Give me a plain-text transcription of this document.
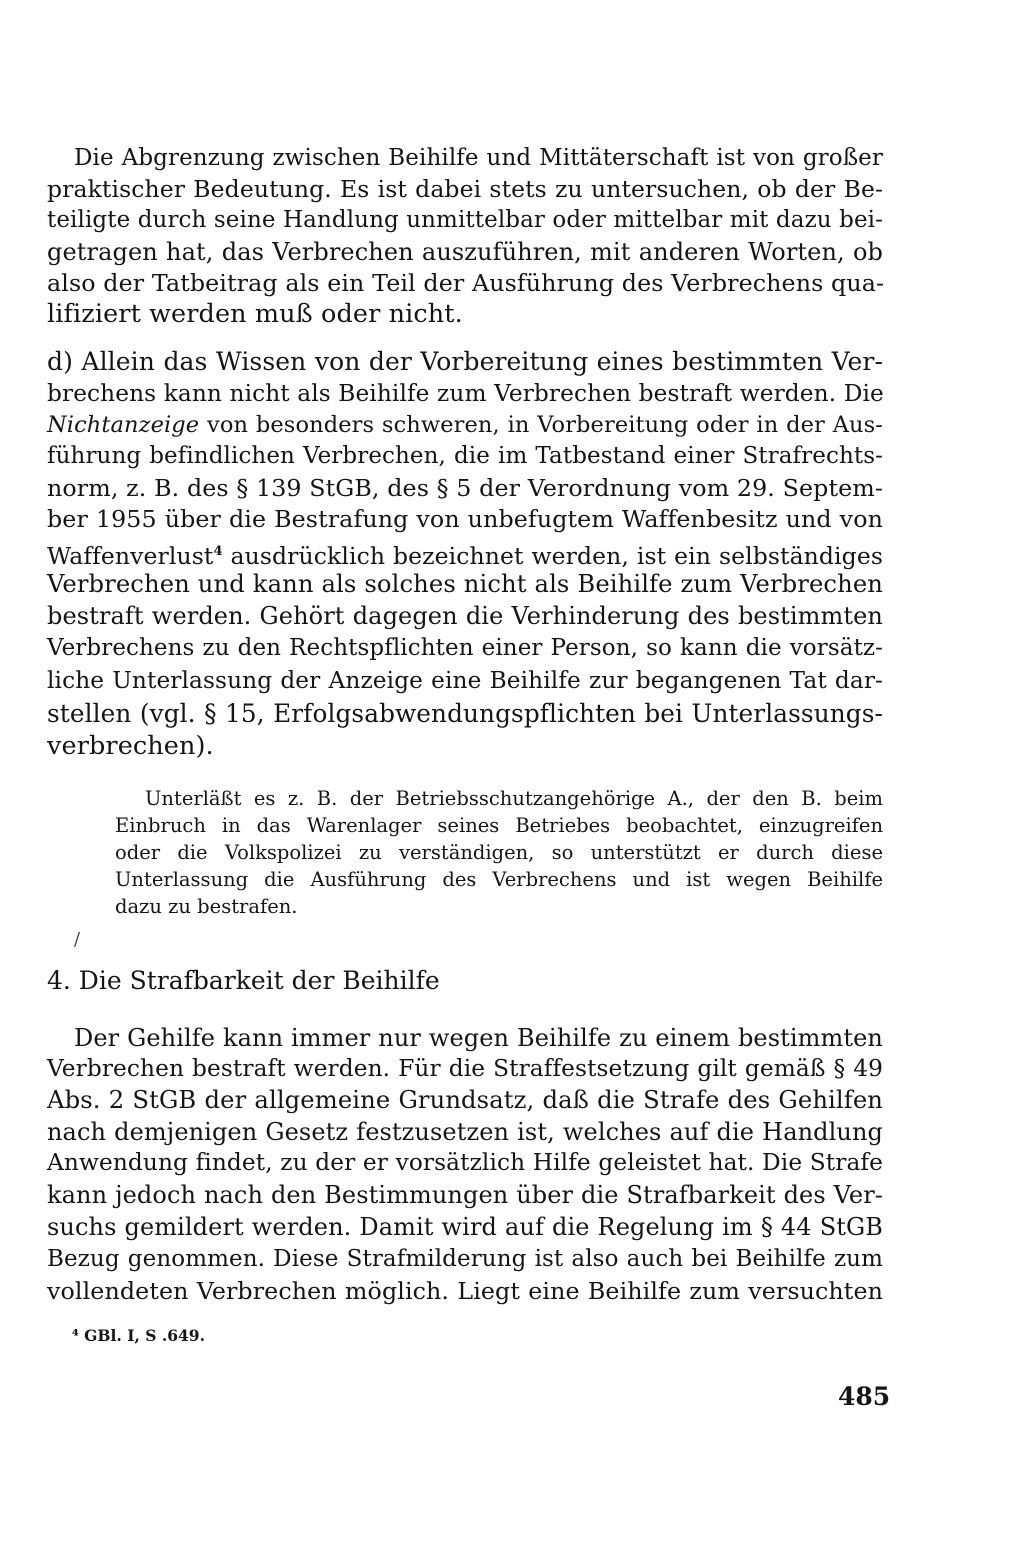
Die Abgrenzung zwischen Beihilfe und Mittäterschaft ist von großer
praktischer Bedeutung. Es ist dabei stets zu untersuchen, ob der Be-
teiligte durch seine Handlung unmittelbar oder mittelbar mit dazu bei-
getragen hat, das Verbrechen auszuführen, mit anderen Worten, ob
also der Tatbeitrag als ein Teil der Ausführung des Verbrechens qua-
lifiziert werden muß oder nicht.
d) Allein das Wissen von der Vorbereitung eines bestimmten Ver-
brechens kann nicht als Beihilfe zum Verbrechen bestraft werden. Die
Nichtanzeige von besonders schweren, in Vorbereitung oder in der Aus-
führung befindlichen Verbrechen, die im Tatbestand einer Strafrechts-
norm, z. B. des § 139 StGB, des § 5 der Verordnung vom 29. Septem-
ber 1955 über die Bestrafung von unbefugtem Waffenbesitz und von
Waffenverlust$^4$ ausdrücklich bezeichnet werden, ist ein selbständiges
Verbrechen und kann als solches nicht als Beihilfe zum Verbrechen
bestraft werden. Gehört dagegen die Verhinderung des bestimmten
Verbrechens zu den Rechtspflichten einer Person, so kann die vorsätz-
liche Unterlassung der Anzeige eine Beihilfe zur begangenen Tat dar-
stellen (vgl. § 15, Erfolgsabwendungspflichten bei Unterlassungs-
verbrechen).
Unterläßt es z. B. der Betriebsschutzangehörige A., der den B. beim
Einbruch in das Warenlager seines Betriebes beobachtet, einzugreifen
oder die Volkspolizei zu verständigen, so unterstützt er durch diese
Unterlassung die Ausführung des Verbrechens und ist wegen Beihilfe
dazu zu bestrafen.
/
4. Die Strafbarkeit der Beihilfe
Der Gehilfe kann immer nur wegen Beihilfe zu einem bestimmten
Verbrechen bestraft werden. Für die Straffestsetzung gilt gemäß § 49
Abs. 2 StGB der allgemeine Grundsatz, daß die Strafe des Gehilfen
nach demjenigen Gesetz festzusetzen ist, welches auf die Handlung
Anwendung findet, zu der er vorsätzlich Hilfe geleistet hat. Die Strafe
kann jedoch nach den Bestimmungen über die Strafbarkeit des Ver-
suchs gemildert werden. Damit wird auf die Regelung im § 44 StGB
Bezug genommen. Diese Strafmilderung ist also auch bei Beihilfe zum
vollendeten Verbrechen möglich. Liegt eine Beihilfe zum versuchten
⁴ GBl. I, S .649.
485
